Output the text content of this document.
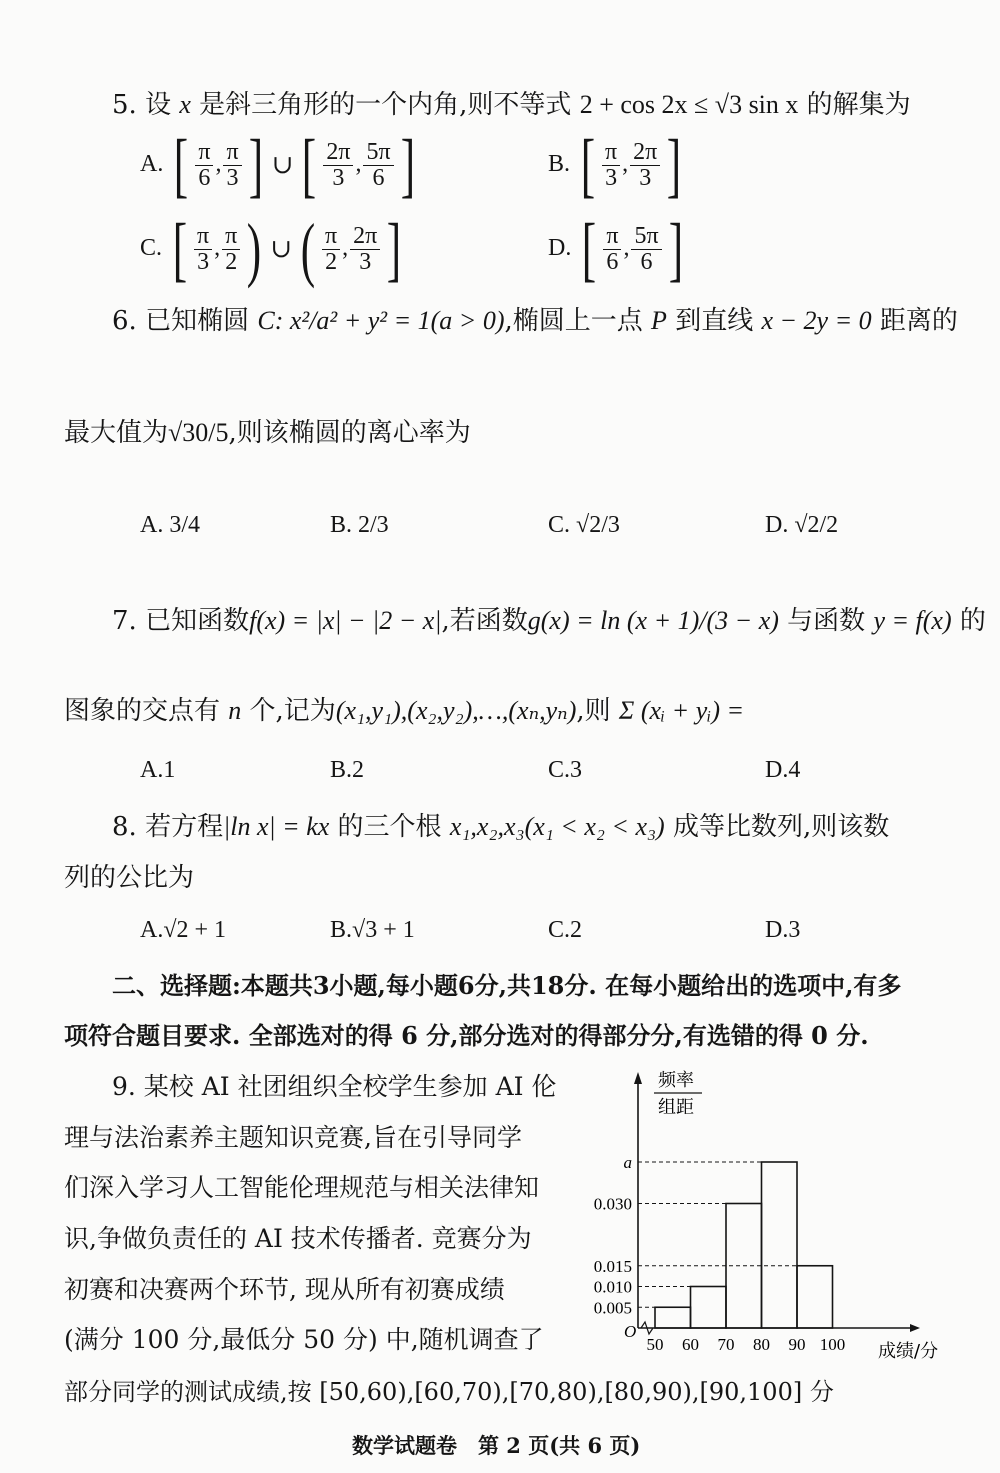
5. 设 x 是斜三角形的一个内角,则不等式 2 + cos 2x ≤ √3 sin x 的解集为
A. [ $\frac{\pi}{6}$ , $\frac{\pi}{3}$ ] ∪ [ $\frac{2\pi}{3}$ , $\frac{5\pi}{6}$ ]	B. [ $\frac{\pi}{3}$ , $\frac{2\pi}{3}$ ]
C. [ $\frac{\pi}{3}$ , $\frac{\pi}{2}$ ) ∪ ( $\frac{\pi}{2}$ , $\frac{2\pi}{3}$ ]	D. [ $\frac{\pi}{6}$ , $\frac{5\pi}{6}$ ]
6. 已知椭圆 C: x²/a² + y² = 1(a > 0),椭圆上一点 P 到直线 x − 2y = 0 距离的
最大值为√30/5,则该椭圆的离心率为
A. 3/4	B. 2/3	C. √2/3	D. √2/2
7. 已知函数f(x) = |x| − |2 − x|,若函数g(x) = ln (x + 1)/(3 − x) 与函数 y = f(x) 的
图象的交点有 n 个,记为(x₁,y₁),(x₂,y₂),…,(xₙ,yₙ),则 Σ (xᵢ + yᵢ) =
A.1	B.2	C.3	D.4
8. 若方程|ln x| = kx 的三个根 x₁,x₂,x₃(x₁ < x₂ < x₃) 成等比数列,则该数
列的公比为
A.√2 + 1	B.√3 + 1	C.2	D.3
二、选择题:本题共3小题,每小题6分,共18分. 在每小题给出的选项中,有多
项符合题目要求. 全部选对的得 6 分,部分选对的得部分分,有选错的得 0 分.
9. 某校 AI 社团组织全校学生参加 AI 伦
理与法治素养主题知识竞赛,旨在引导同学
们深入学习人工智能伦理规范与相关法律知
识,争做负责任的 AI 技术传播者. 竞赛分为
初赛和决赛两个环节, 现从所有初赛成绩
(满分 100 分,最低分 50 分) 中,随机调查了
部分同学的测试成绩,按 [50,60),[60,70),[70,80),[80,90),[90,100] 分
O
频率
组距
成绩/分
0.005
0.010
0.015
0.030
a
50 60 70 80 90 100
数学试题卷　第 2 页(共 6 页)
